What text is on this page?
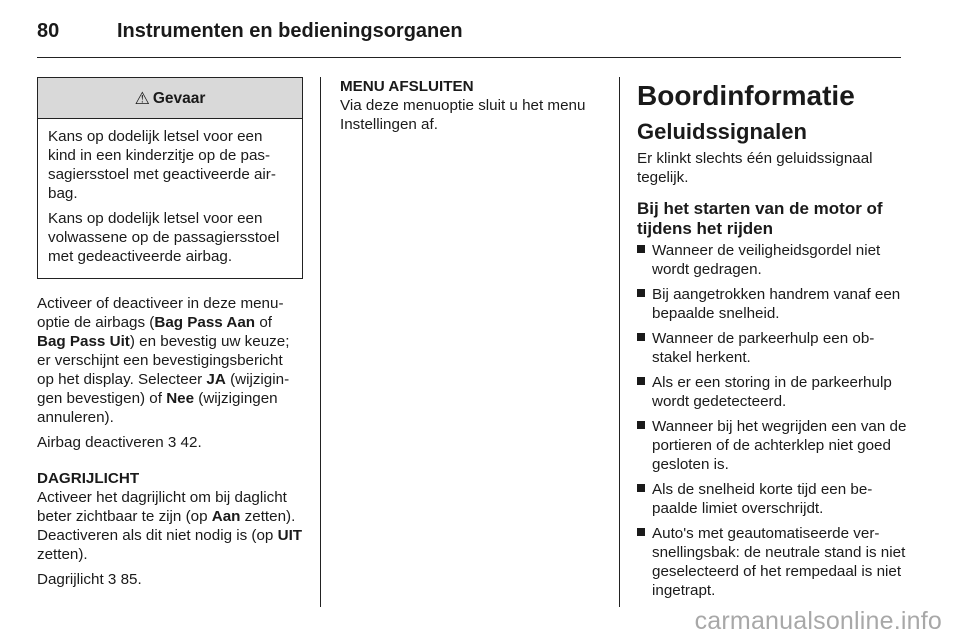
80	Instrumenten en bedieningsorganen
⚠ Gevaar

Kans op dodelijk letsel voor een kind in een kinderzitje op de pas-sagiersstoel met geactiveerde air-bag.

Kans op dodelijk letsel voor een volwassene op de passagiersstoel met gedeactiveerde airbag.

Activeer of deactiveer in deze menu-optie de airbags (Bag Pass Aan of Bag Pass Uit) en bevestig uw keuze; er verschijnt een bevestigingsbericht op het display. Selecteer JA (wijzigin-gen bevestigen) of Nee (wijzigingen annuleren).

Airbag deactiveren 3 42.

DAGRIJLICHT

Activeer het dagrijlicht om bij daglicht beter zichtbaar te zijn (op Aan zetten). Deactiveren als dit niet nodig is (op UIT zetten).

Dagrijlicht 3 85.

MENU AFSLUITEN

Via deze menuoptie sluit u het menu Instellingen af.

Boordinformatie
Geluidssignalen

Er klinkt slechts één geluidssignaal tegelijk.

Bij het starten van de motor of tijdens het rijden
Wanneer de veiligheidsgordel niet wordt gedragen.
Bij aangetrokken handrem vanaf een bepaalde snelheid.
Wanneer de parkeerhulp een ob-stakel herkent.
Als er een storing in de parkeerhulp wordt gedetecteerd.
Wanneer bij het wegrijden een van de portieren of de achterklep niet goed gesloten is.
Als de snelheid korte tijd een be-paalde limiet overschrijdt.
Auto's met geautomatiseerde ver-snellingsbak: de neutrale stand is niet geselecteerd of het rempedaal is niet ingetrapt.
carmanualsonline.info
